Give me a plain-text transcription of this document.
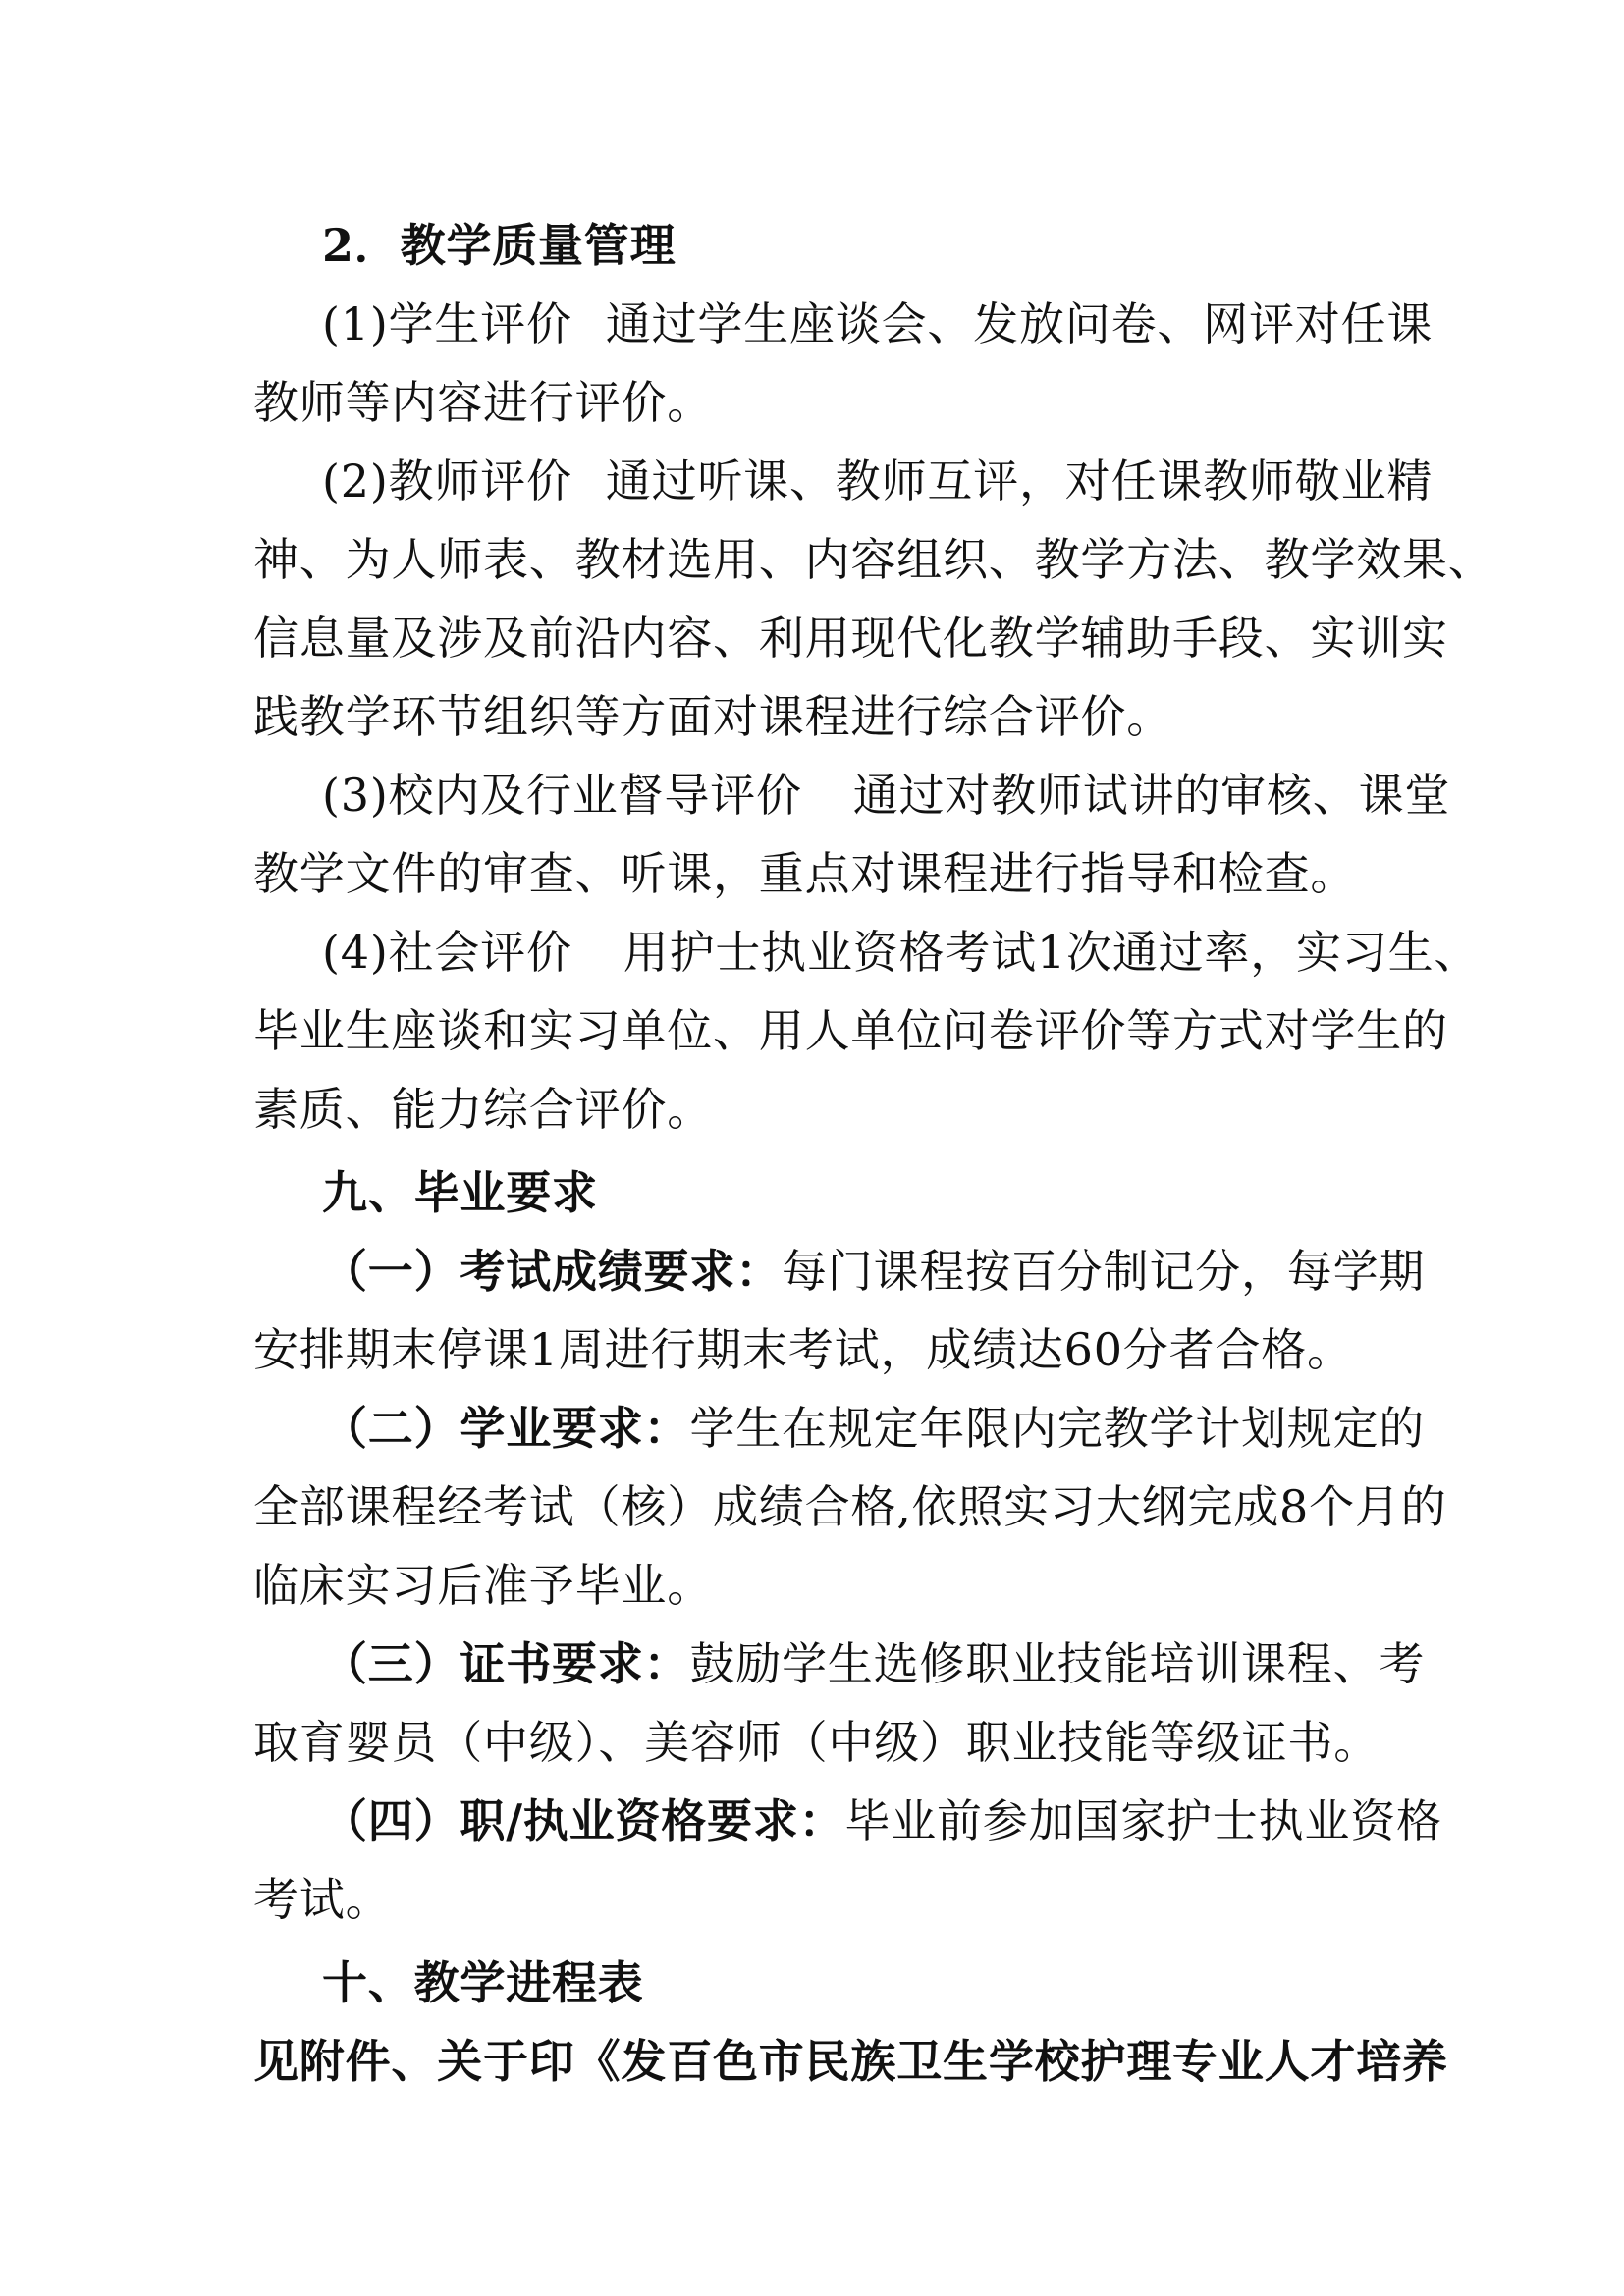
2．教学质量管理
(1)学生评价 通过学生座谈会、发放问卷、网评对任课
教师等内容进行评价。
(2)教师评价 通过听课、教师互评，对任课教师敬业精
神、为人师表、教材选用、内容组织、教学方法、教学效果、
信息量及涉及前沿内容、利用现代化教学辅助手段、实训实
践教学环节组织等方面对课程进行综合评价。
(3)校内及行业督导评价 通过对教师试讲的审核、课堂
教学文件的审查、听课，重点对课程进行指导和检查。
(4)社会评价 用护士执业资格考试1次通过率，实习生、
毕业生座谈和实习单位、用人单位问卷评价等方式对学生的
素质、能力综合评价。
九、毕业要求
（一）考试成绩要求：每门课程按百分制记分，每学期
安排期末停课1周进行期末考试，成绩达60分者合格。
（二）学业要求：学生在规定年限内完教学计划规定的
全部课程经考试（核）成绩合格,依照实习大纲完成8个月的
临床实习后准予毕业。
（三）证书要求：鼓励学生选修职业技能培训课程、考
取育婴员（中级）、美容师（中级）职业技能等级证书。
（四）职/执业资格要求：毕业前参加国家护士执业资格
考试。
十、教学进程表
见附件、关于印《发百色市民族卫生学校护理专业人才培养
